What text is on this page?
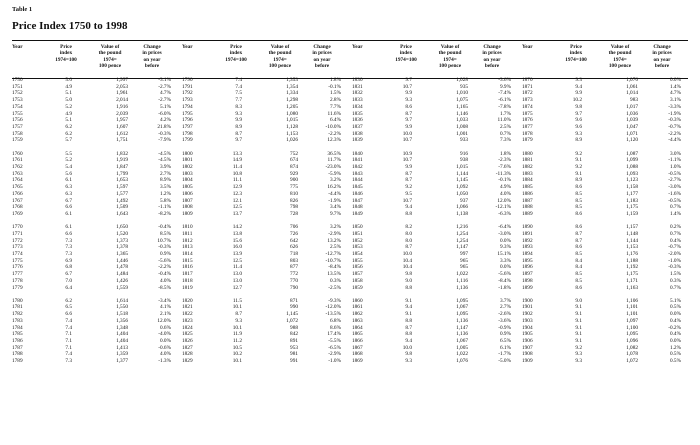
Table 1
Price Index 1750 to 1998
Year	Price
index
1974=100
Value of
the pound
1974=
100 pence
Change
in prices
on year
before
1750	5.0	1,997	-3.1%
1751	4.9	2,053	-2.7%
1752	5.1	1,961	4.7%
1753	5.0	2,014	-2.7%
1754	5.2	1,916	5.1%
1755	4.9	2,039	-6.0%
1756	5.1	1,957	4.2%
1757	6.2	1,607	21.8%
1758	6.2	1,612	-0.3%
1759	5.7	1,751	-7.9%
1760	5.5	1,832	-4.5%
1761	5.2	1,919	-4.5%
1762	5.4	1,847	3.9%
1763	5.6	1,799	2.7%
1764	6.1	1,653	8.9%
1765	6.3	1,597	3.5%
1766	6.3	1,577	1.2%
1767	6.7	1,492	5.8%
1768	6.6	1,509	-1.1%
1769	6.1	1,643	-8.2%
1770	6.1	1,650	-0.4%
1771	6.6	1,520	8.5%
1772	7.3	1,373	10.7%
1773	7.3	1,378	-0.3%
1774	7.3	1,365	0.9%
1775	6.9	1,446	-5.6%
1776	6.8	1,478	-2.2%
1777	6.7	1,484	-0.4%
1778	7.0	1,426	4.0%
1779	6.4	1,559	-8.5%
1780	6.2	1,614	-3.4%
1781	6.5	1,550	4.1%
1782	6.6	1,518	2.1%
1783	7.4	1,356	12.0%
1784	7.4	1,348	0.6%
1785	7.1	1,404	-4.0%
1786	7.1	1,404	0.0%
1787	7.1	1,413	-0.6%
1788	7.4	1,359	4.0%
1789	7.3	1,377	-1.3%
Year	Price
index
1974=100
Value of
the pound
1974=
100 pence
Change
in prices
on year
before
1790	7.4	1,353	1.8%
1791	7.4	1,354	-0.1%
1792	7.5	1,334	1.5%
1793	7.7	1,298	2.8%
1794	8.3	1,205	7.7%
1795	9.3	1,080	11.6%
1796	9.9	1,015	6.4%
1797	8.9	1,128	-10.0%
1798	8.7	1,153	-2.2%
1799	9.7	1,026	12.3%
1800	13.3	752	36.5%
1801	14.9	674	11.7%
1802	11.4	874	-23.0%
1803	10.8	929	-5.9%
1804	11.1	900	3.2%
1805	12.9	775	16.2%
1806	12.3	810	-4.4%
1807	12.1	826	-1.9%
1808	12.5	798	3.4%
1809	13.7	728	9.7%
1810	14.2	706	3.2%
1811	13.8	726	-2.9%
1812	15.6	642	13.2%
1813	16.0	626	2.5%
1814	13.9	718	-12.7%
1815	12.5	803	-10.7%
1816	11.4	877	-8.4%
1817	13.0	772	13.5%
1818	13.0	770	0.3%
1819	12.7	790	-2.5%
1820	11.5	871	-9.3%
1821	10.1	990	-12.0%
1822	8.7	1,145	-13.5%
1823	9.3	1,072	6.8%
1824	10.1	988	8.6%
1825	11.9	842	17.4%
1826	11.2	891	-5.5%
1827	10.5	953	-6.5%
1828	10.2	981	-2.9%
1829	10.1	991	-1.0%
Year	Price
index
1974=100
Value of
the pound
1974=
100 pence
Change
in prices
on year
before
1830	9.7	1,028	-3.6%
1831	10.7	935	9.9%
1832	9.9	1,010	-7.4%
1833	9.3	1,075	-6.1%
1834	8.6	1,165	-7.8%
1835	8.7	1,146	1.7%
1836	9.7	1,033	11.0%
1837	9.9	1,008	2.5%
1838	10.0	1,001	0.7%
1839	10.7	933	7.3%
1840	10.9	916	1.8%
1841	10.7	938	-2.3%
1842	9.9	1,015	-7.6%
1843	8.7	1,144	-11.3%
1844	8.7	1,145	-0.1%
1845	9.2	1,092	4.9%
1846	9.5	1,050	4.0%
1847	10.7	937	12.0%
1848	9.4	1,066	-12.1%
1849	8.8	1,138	-6.3%
1850	8.2	1,216	-6.4%
1851	8.0	1,254	-3.0%
1852	8.0	1,254	0.0%
1853	8.7	1,147	9.3%
1854	10.0	997	15.1%
1855	10.4	965	3.3%
1856	10.4	965	0.0%
1857	9.8	1,022	-5.6%
1858	9.0	1,116	-8.4%
1859	8.8	1,136	-1.8%
1860	9.1	1,095	3.7%
1861	9.4	1,067	2.7%
1862	9.1	1,095	-2.6%
1863	8.8	1,136	-3.6%
1864	8.7	1,147	-0.9%
1865	8.8	1,136	0.9%
1866	9.4	1,067	6.5%
1867	10.0	1,005	6.1%
1868	9.8	1,022	-1.7%
1869	9.3	1,076	-5.0%
Year	Price
index
1974=100
Value of
the pound
1974=
100 pence
Change
in prices
on year
before
1870	9.3	1,076	0.0%
1871	9.4	1,061	1.4%
1872	9.9	1,014	4.7%
1873	10.2	983	3.1%
1874	9.8	1,017	-3.3%
1875	9.7	1,036	-1.9%
1876	9.6	1,039	-0.3%
1877	9.6	1,047	-0.7%
1878	9.3	1,071	-2.2%
1879	8.9	1,120	-4.4%
1880	9.2	1,087	3.0%
1881	9.1	1,099	-1.1%
1882	9.2	1,088	1.0%
1883	9.1	1,093	-0.5%
1884	8.9	1,123	-2.7%
1885	8.6	1,158	-3.0%
1886	8.5	1,177	-1.6%
1887	8.5	1,183	-0.5%
1888	8.5	1,175	0.7%
1889	8.6	1,159	1.4%
1890	8.6	1,157	0.2%
1891	8.7	1,148	0.7%
1892	8.7	1,144	0.4%
1893	8.6	1,153	-0.7%
1894	8.5	1,176	-2.0%
1895	8.4	1,188	-1.0%
1896	8.4	1,192	-0.3%
1897	8.5	1,175	1.5%
1898	8.5	1,171	0.3%
1899	8.6	1,163	0.7%
1900	9.0	1,106	5.1%
1901	9.1	1,101	0.5%
1902	9.1	1,101	0.0%
1903	9.1	1,097	0.4%
1904	9.1	1,100	-0.2%
1905	9.1	1,095	0.4%
1906	9.1	1,096	0.0%
1907	9.2	1,082	1.2%
1908	9.3	1,078	0.5%
1909	9.3	1,072	0.5%
